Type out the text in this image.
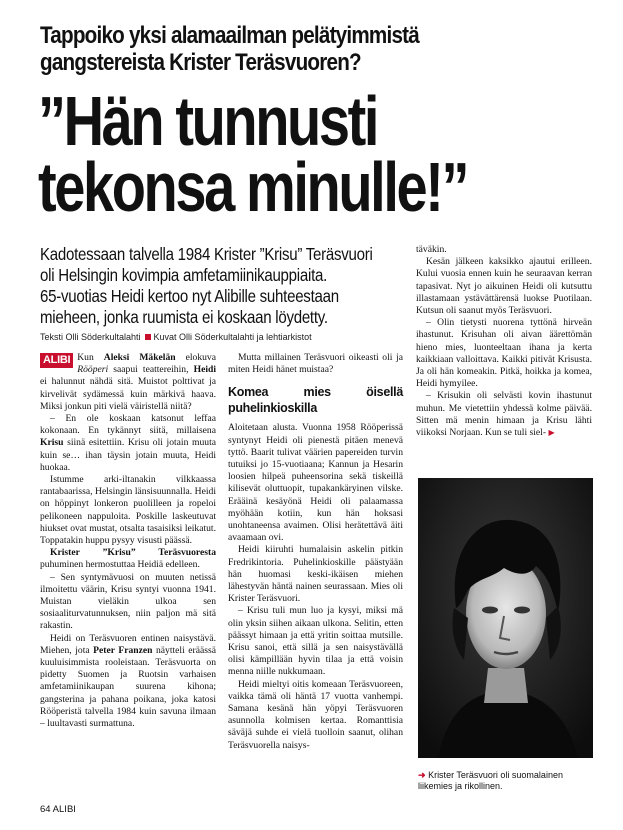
Tappoiko yksi alamaailman pelätyimmistä
gangstereista Krister Teräsvuoren?
”Hän tunnusti
tekonsa minulle!”

Kadotessaan talvella 1984 Krister ”Krisu” Teräsvuori
oli Helsingin kovimpia amfetamiinikauppiaita.
65-vuotias Heidi kertoo nyt Alibille suhteestaan
mieheen, jonka ruumista ei koskaan löydetty.

Teksti Olli Söderkultalahti Kuvat Olli Söderkultalahti ja lehtiarkistot

ALIBI Kun Aleksi Mäkelän elokuva Rööperi saapui teattereihin, Heidi ei halunnut nähdä sitä. Muistot polttivat ja kirvelivät sydämessä kuin märkivä haava. Miksi jonkun piti vielä väiristellä niitä?

– En ole koskaan katsonut leffaa kokonaan. En tykännyt siitä, millaisena Krisu siinä esitettiin. Krisu oli jotain muuta kuin se… ihan täysin jotain muuta, Heidi huokaa.

Istumme arki-iltanakin vilkkaassa rantabaarissa, Helsingin länsisuunnalla. Heidi on höppinyt lonkeron puolilleen ja ropeloi pelikoneen nappuloita. Poskille laskeutuvat hiukset ovat mustat, otsalta tasaisiksi leikatut. Toppatakin huppu pysyy visusti päässä.

Krister ”Krisu” Teräsvuoresta puhuminen hermostuttaa Heidiä edelleen.

– Sen syntymävuosi on muuten netissä ilmoitettu väärin, Krisu syntyi vuonna 1941. Muistan vieläkin ulkoa sen sosiaaliturvatunnuksen, niin paljon mä sitä rakastin.

Heidi on Teräsvuoren entinen naisystävä. Miehen, jota Peter Franzen näytteli eräässä kuuluisimmista rooleistaan. Teräsvuorta on pidetty Suomen ja Ruotsin varhaisen amfetamiinikaupan suurena kihona; gangsterina ja pahana poikana, joka katosi Rööperistä talvella 1984 kuin savuna ilmaan – luultavasti surmattuna.

Mutta millainen Teräsvuori oikeasti oli ja miten Heidi hänet muistaa?

Komea mies öisellä puhelinkioskilla

Aloitetaan alusta. Vuonna 1958 Rööperissä syntynyt Heidi oli pienestä pitäen menevä tyttö. Baarit tulivat väärien papereiden turvin tutuiksi jo 15-vuotiaana; Kannun ja Hesarin loosien hilpeä puheensorina sekä tiskeillä kilisevät oluttuopit, tupakankäryinen vilske. Erääinä kesäyönä Heidi oli palaamassa myöhään kotiin, kun hän hoksasi unohtaneensa avaimen. Olisi herätettävä äiti avaamaan ovi.

Heidi kiiruhti humalaisin askelin pitkin Fredrikintoria. Puhelinkioskille päästyään hän huomasi keski-ikäisen miehen lähestyvän häntä nainen seurassaan. Mies oli Krister Teräsvuori.

– Krisu tuli mun luo ja kysyi, miksi mä olin yksin siihen aikaan ulkona. Selitin, etten päässyt himaan ja että yritin soittaa mutsille. Krisu sanoi, että sillä ja sen naisystävällä olisi kämpillään hyvin tilaa ja että voisin menna niille nukkumaan.

Heidi mieltyi oitis komeaan Teräsvuoreen, vaikka tämä oli häntä 17 vuotta vanhempi. Samana kesänä hän yöpyi Teräsvuoren asunnolla kolmisen kertaa. Romanttisia säväjä suhde ei vielä tuolloin saanut, olihan Teräsvuorella naisys-

täväkin.

Kesän jälkeen kaksikko ajautui erilleen. Kului vuosia ennen kuin he seuraavan kerran tapasivat. Nyt jo aikuinen Heidi oli kutsuttu illastamaan ystävättärensä luokse Puotilaan. Kutsun oli saanut myös Teräsvuori.

– Olin tietysti nuorena tyttönä hirveän ihastunut. Krisuhan oli aivan äärettömän hieno mies, luonteeltaan ihana ja kerta kaikkiaan valloittava. Kaikki pitivät Krisusta. Ja oli hän komeakin. Pitkä, hoikka ja komea, Heidi hymyilee.

– Krisukin oli selvästi kovin ihastunut muhun. Me vietettiin yhdessä kolme päivää. Sitten mä menin himaan ja Krisu lähti viikoksi Norjaan. Kun se tuli siel- ▶

➜ Krister Teräsvuori oli suomalainen liikemies ja rikollinen.
64 ALIBI
